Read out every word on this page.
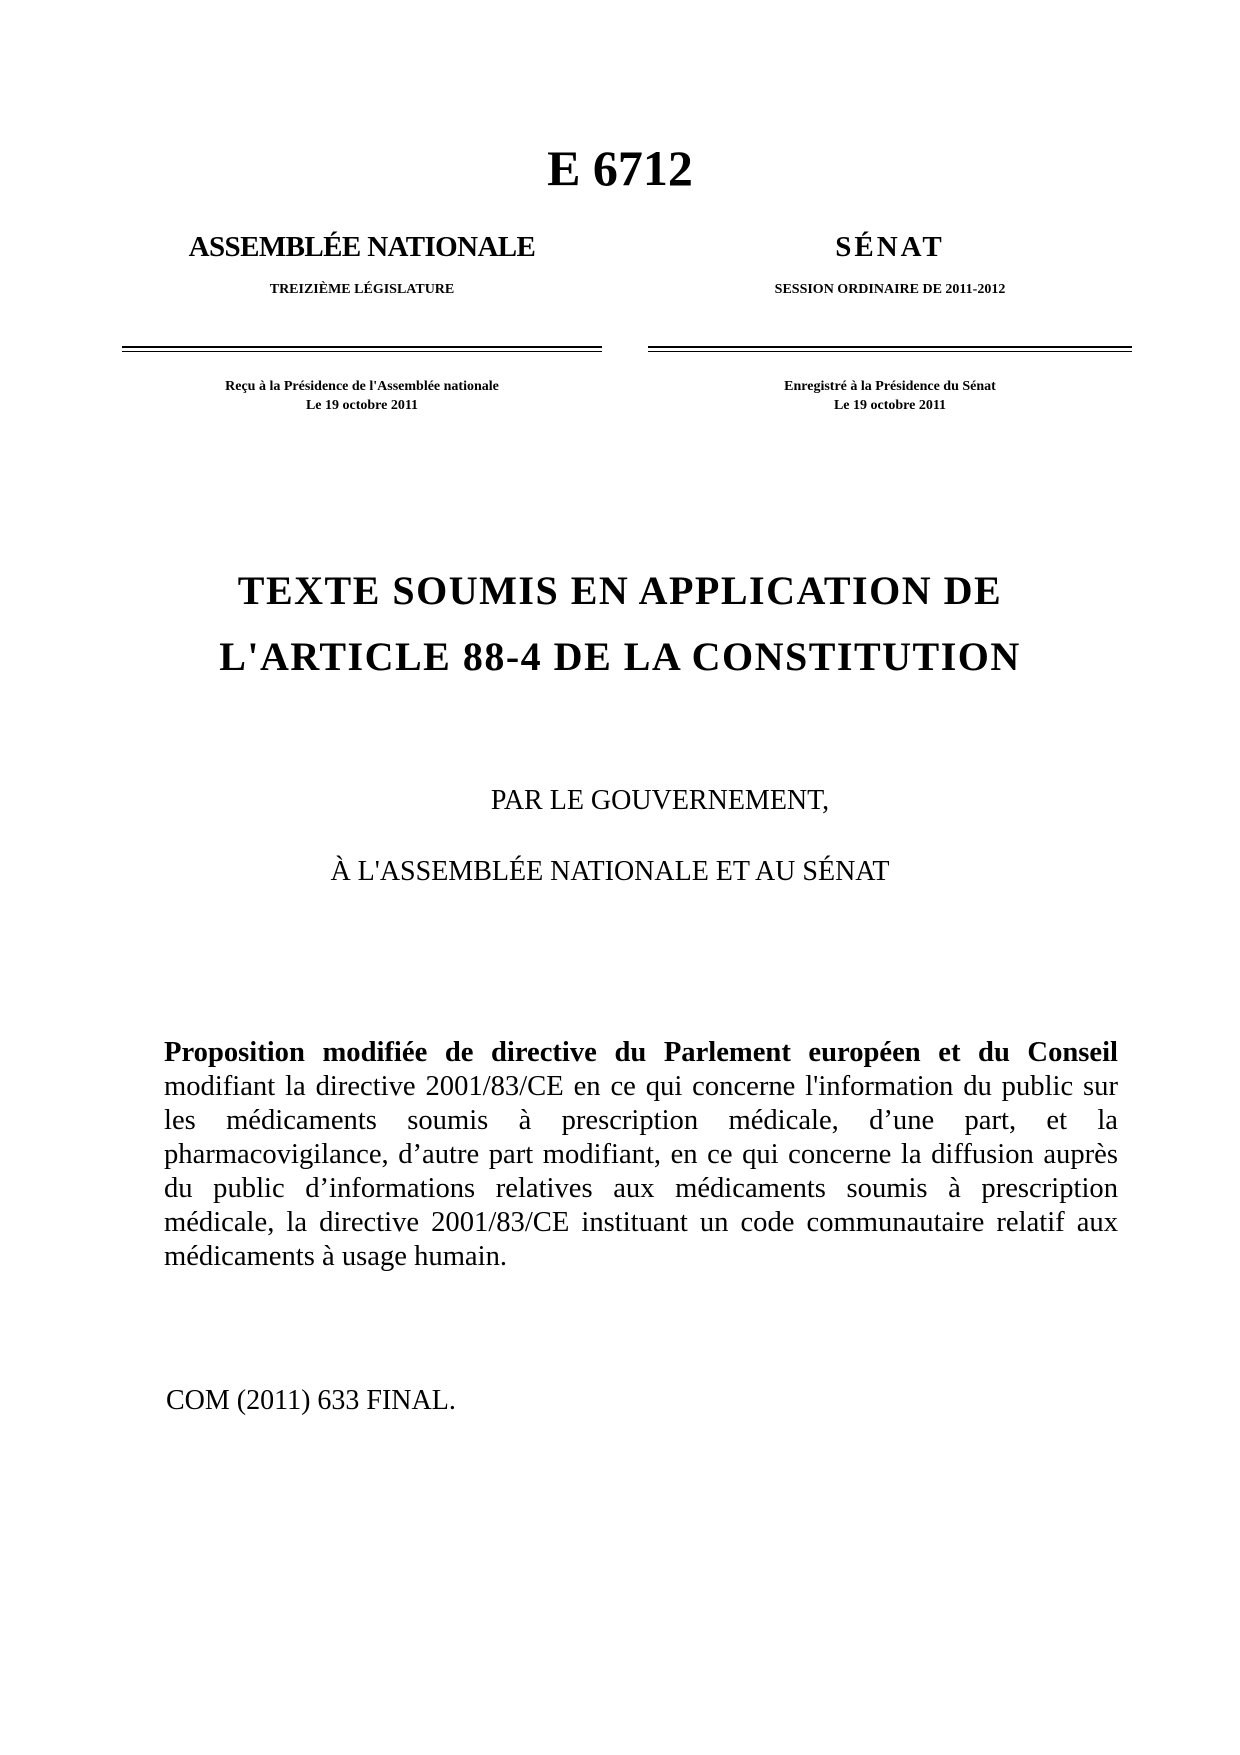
E 6712
ASSEMBLÉE NATIONALE
TREIZIÈME LÉGISLATURE
Reçu à la Présidence de l'Assemblée nationale
Le 19 octobre 2011
SÉNAT
SESSION ORDINAIRE DE 2011-2012
Enregistré à la Présidence du Sénat
Le 19 octobre 2011
TEXTE SOUMIS EN APPLICATION DE
L'ARTICLE 88-4 DE LA CONSTITUTION
PAR LE GOUVERNEMENT,
À L'ASSEMBLÉE NATIONALE ET AU SÉNAT
Proposition modifiée de directive du Parlement européen et du Conseil modifiant la directive 2001/83/CE en ce qui concerne l'information du public sur les médicaments soumis à prescription médicale, d’une part, et la pharmacovigilance, d’autre part modifiant, en ce qui concerne la diffusion auprès du public d’informations relatives aux médicaments soumis à prescription médicale, la directive 2001/83/CE instituant un code communautaire relatif aux médicaments à usage humain.
COM (2011) 633 FINAL.
